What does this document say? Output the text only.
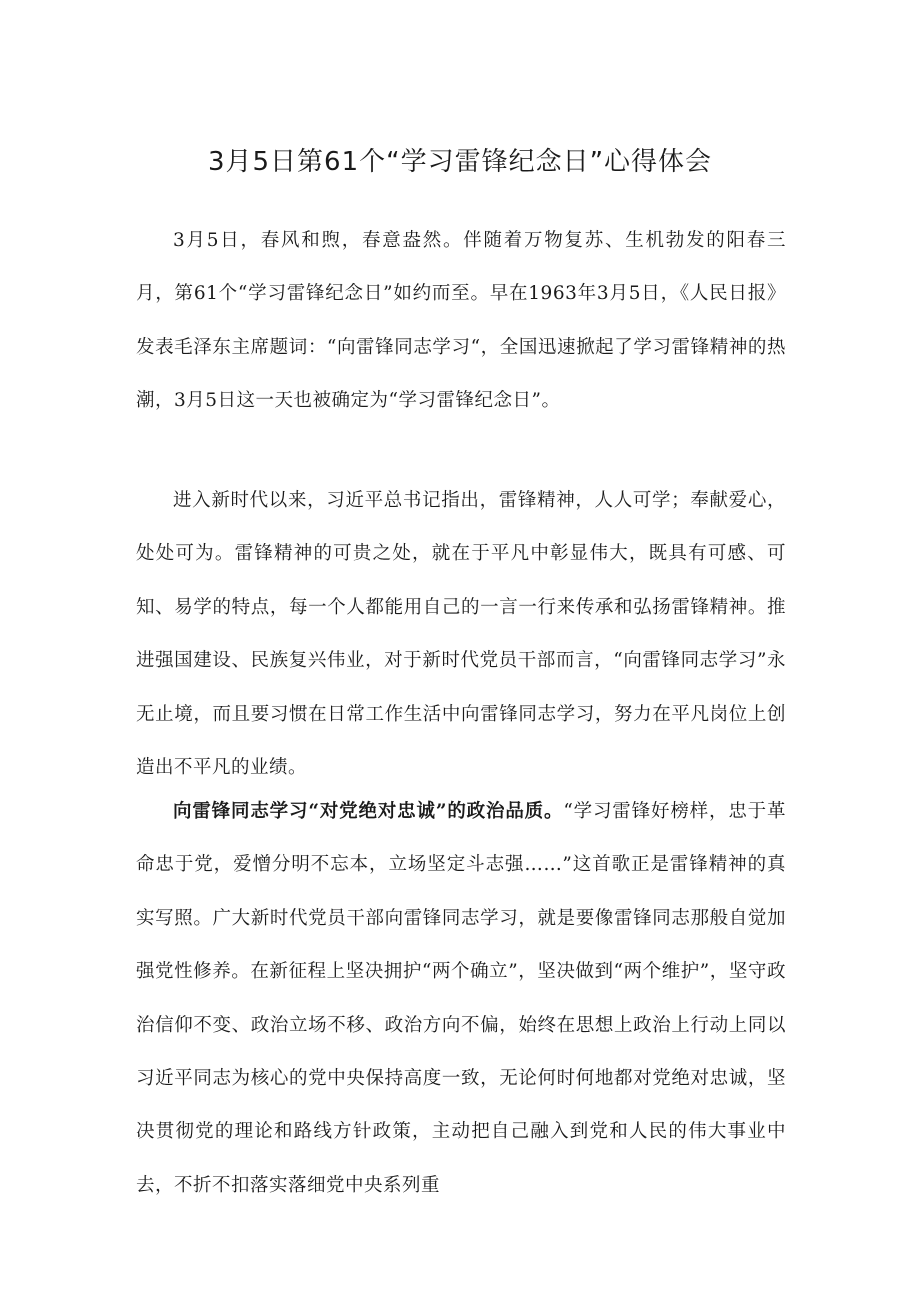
3月5日第61个“学习雷锋纪念日”心得体会

3月5日，春风和煦，春意盎然。伴随着万物复苏、生机勃发的阳春三月，第61个“学习雷锋纪念日”如约而至。早在1963年3月5日，《人民日报》发表毛泽东主席题词：“向雷锋同志学习“，全国迅速掀起了学习雷锋精神的热潮，3月5日这一天也被确定为“学习雷锋纪念日”。

进入新时代以来，习近平总书记指出，雷锋精神，人人可学；奉献爱心，处处可为。雷锋精神的可贵之处，就在于平凡中彰显伟大，既具有可感、可知、易学的特点，每一个人都能用自己的一言一行来传承和弘扬雷锋精神。推进强国建设、民族复兴伟业，对于新时代党员干部而言，“向雷锋同志学习”永无止境，而且要习惯在日常工作生活中向雷锋同志学习，努力在平凡岗位上创造出不平凡的业绩。

向雷锋同志学习“对党绝对忠诚”的政治品质。“学习雷锋好榜样，忠于革命忠于党，爱憎分明不忘本，立场坚定斗志强……”这首歌正是雷锋精神的真实写照。广大新时代党员干部向雷锋同志学习，就是要像雷锋同志那般自觉加强党性修养。在新征程上坚决拥护“两个确立”，坚决做到“两个维护”，坚守政治信仰不变、政治立场不移、政治方向不偏，始终在思想上政治上行动上同以习近平同志为核心的党中央保持高度一致，无论何时何地都对党绝对忠诚，坚决贯彻党的理论和路线方针政策，主动把自己融入到党和人民的伟大事业中去，不折不扣落实落细党中央系列重
